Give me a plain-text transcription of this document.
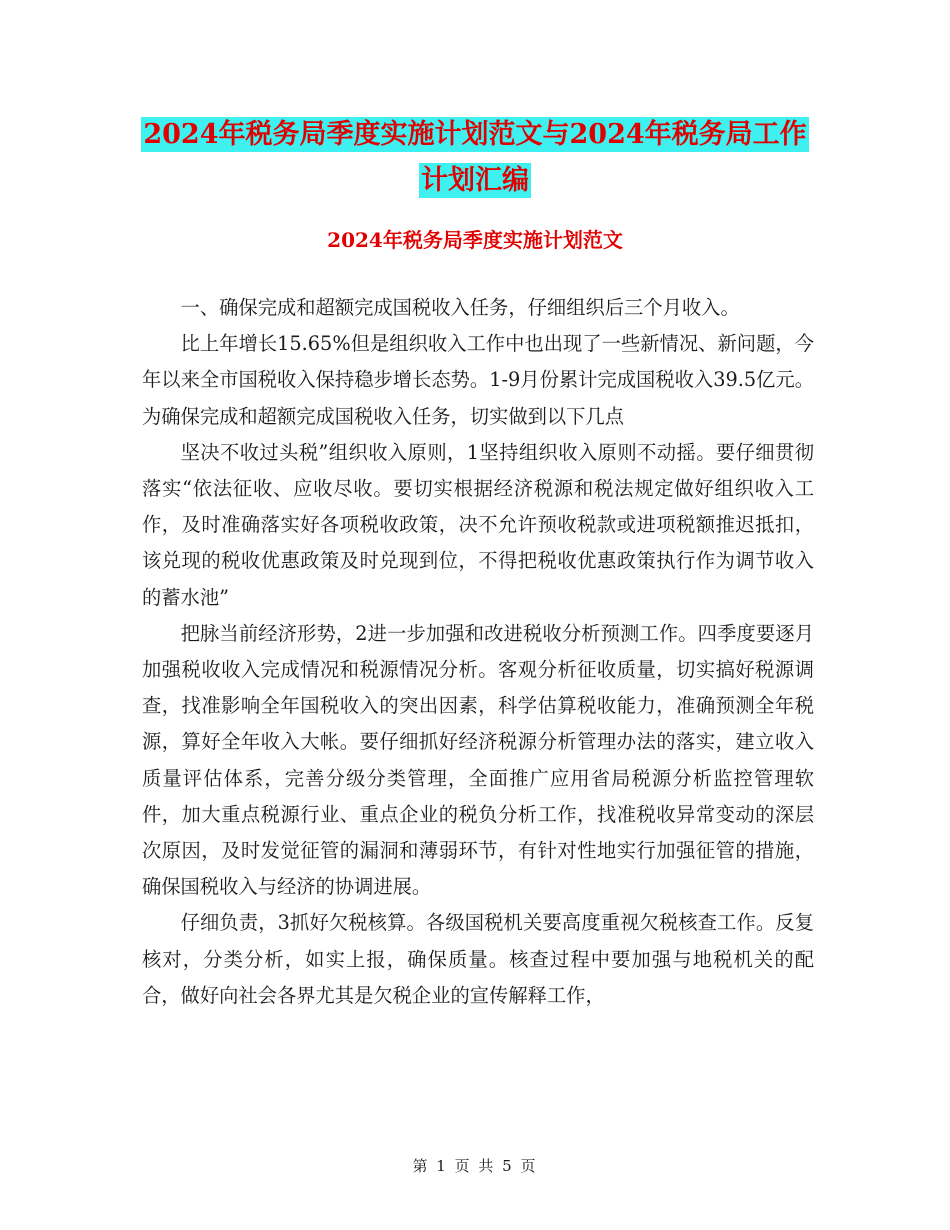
2024年税务局季度实施计划范文与2024年税务局工作
计划汇编
2024年税务局季度实施计划范文

一、确保完成和超额完成国税收入任务，仔细组织后三个月收入。

比上年增长15.65%但是组织收入工作中也出现了一些新情况、新问题，今年以来全市国税收入保持稳步增长态势。1-9月份累计完成国税收入39.5亿元。为确保完成和超额完成国税收入任务，切实做到以下几点

坚决不收过头税”组织收入原则，1坚持组织收入原则不动摇。要仔细贯彻落实“依法征收、应收尽收。要切实根据经济税源和税法规定做好组织收入工作，及时准确落实好各项税收政策，决不允许预收税款或进项税额推迟抵扣，该兑现的税收优惠政策及时兑现到位，不得把税收优惠政策执行作为调节收入的蓄水池”

把脉当前经济形势，2进一步加强和改进税收分析预测工作。四季度要逐月加强税收收入完成情况和税源情况分析。客观分析征收质量，切实搞好税源调查，找准影响全年国税收入的突出因素，科学估算税收能力，准确预测全年税源，算好全年收入大帐。要仔细抓好经济税源分析管理办法的落实，建立收入质量评估体系，完善分级分类管理，全面推广应用省局税源分析监控管理软件，加大重点税源行业、重点企业的税负分析工作，找准税收异常变动的深层次原因，及时发觉征管的漏洞和薄弱环节，有针对性地实行加强征管的措施，确保国税收入与经济的协调进展。

仔细负责，3抓好欠税核算。各级国税机关要高度重视欠税核查工作。反复核对，分类分析，如实上报，确保质量。核查过程中要加强与地税机关的配合，做好向社会各界尤其是欠税企业的宣传解释工作，

第 1 页 共 5 页
